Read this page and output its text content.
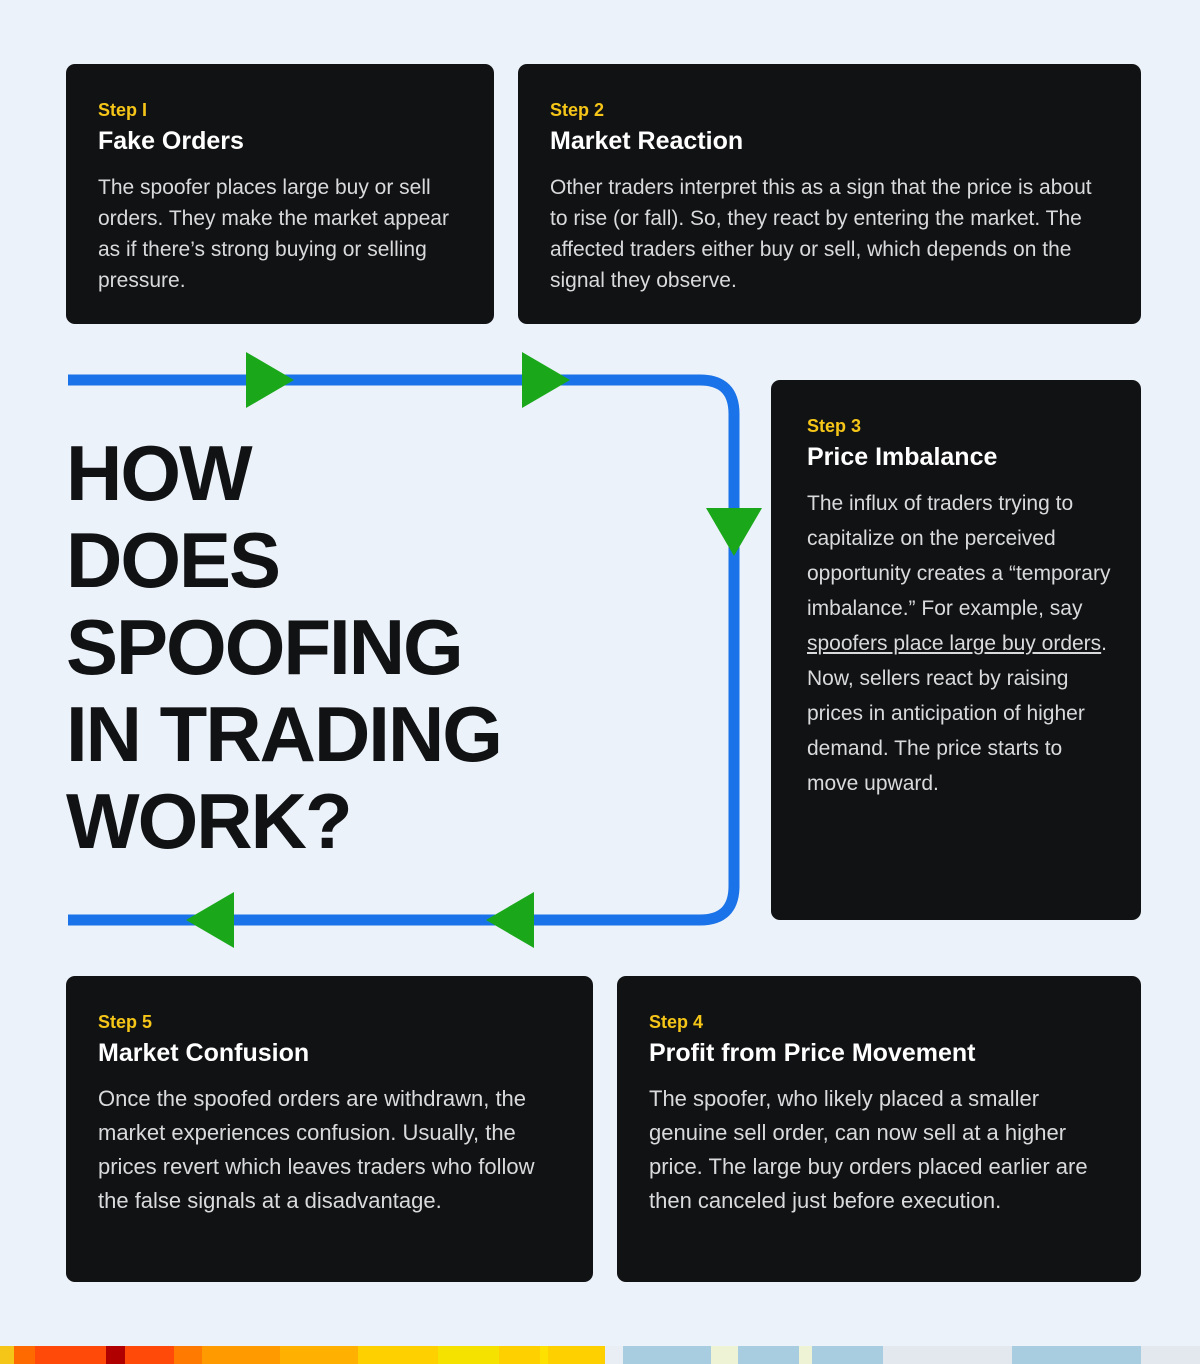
HOW
DOES
SPOOFING
IN TRADING
WORK?
Step I
Fake Orders
The spoofer places large buy or sell orders. They make the market appear as if there’s strong buying or selling pressure.
Step 2
Market Reaction
Other traders interpret this as a sign that the price is about to rise (or fall). So, they react by entering the market. The affected traders either buy or sell, which depends on the signal they observe.
Step 3
Price Imbalance
The influx of traders trying to capitalize on the perceived opportunity creates a “temporary imbalance.” For example, say spoofers place large buy orders. Now, sellers react by raising prices in anticipation of higher demand. The price starts to move upward.
Step 5
Market Confusion
Once the spoofed orders are withdrawn, the market experiences confusion. Usually, the prices revert which leaves traders who follow the false signals at a disadvantage.
Step 4
Profit from Price Movement
The spoofer, who likely placed a smaller genuine sell order, can now sell at a higher price. The large buy orders placed earlier are then canceled just before execution.
